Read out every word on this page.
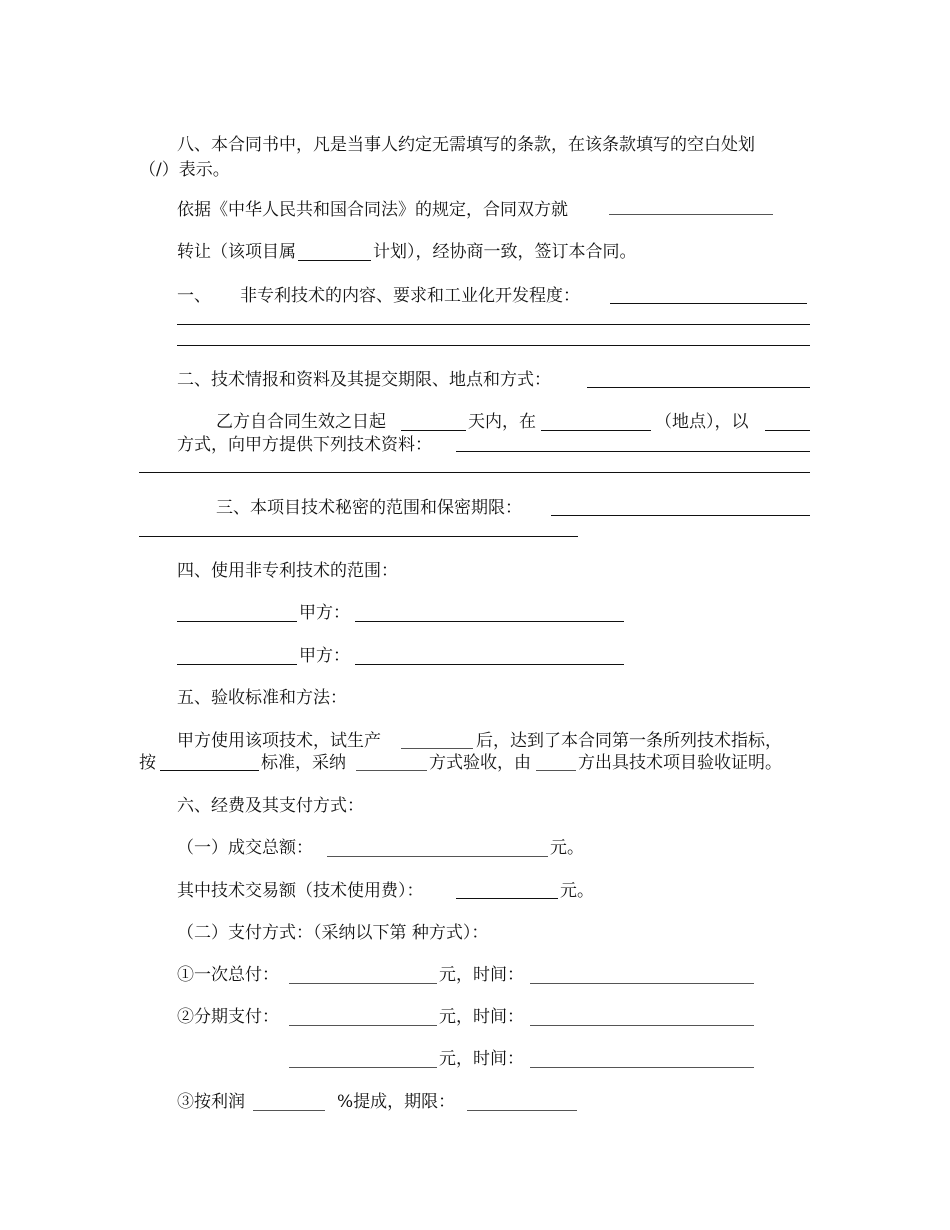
八、本合同书中，凡是当事人约定无需填写的条款，在该条款填写的空白处划
（/）表示。
依据《中华人民共和国合同法》的规定，合同双方就
转让（该项目属	计划），经协商一致，签订本合同。
一、 非专利技术的内容、要求和工业化开发程度：
二、技术情报和资料及其提交期限、地点和方式：
乙方自合同生效之日起	天内，在	（地点），以
方式，向甲方提供下列技术资料：
三、本项目技术秘密的范围和保密期限：
四、使用非专利技术的范围：
甲方：
甲方：
五、验收标准和方法：
甲方使用该项技术，试生产	后，达到了本合同第一条所列技术指标，
按	标准，采纳	方式验收，由	方出具技术项目验收证明。
六、经费及其支付方式：
（一）成交总额：	元。
其中技术交易额（技术使用费）：	元。
（二）支付方式：（采纳以下第 种方式）：
①一次总付：	元，时间：
②分期支付：	元，时间：
元，时间：
③按利润	%提成，期限：
